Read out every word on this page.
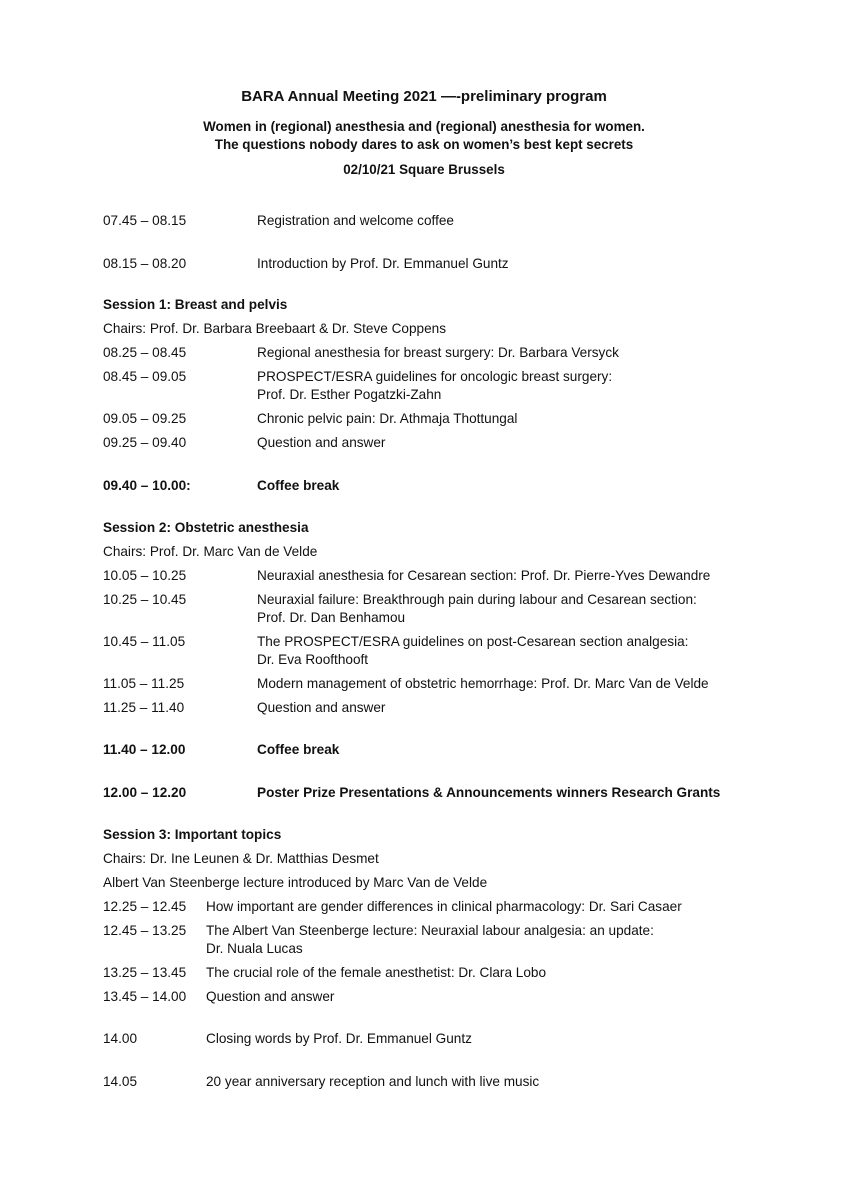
BARA Annual Meeting 2021 —-preliminary program
Women in (regional) anesthesia and (regional) anesthesia for women.
The questions nobody dares to ask on women’s best kept secrets
02/10/21 Square Brussels
07.45 – 08.15	Registration and welcome coffee
08.15 – 08.20	Introduction by Prof. Dr. Emmanuel Guntz
Session 1: Breast and pelvis
Chairs: Prof. Dr. Barbara Breebaart & Dr. Steve Coppens
08.25 – 08.45	Regional anesthesia for breast surgery: Dr. Barbara Versyck
08.45 – 09.05	PROSPECT/ESRA guidelines for oncologic breast surgery:
Prof. Dr. Esther Pogatzki-Zahn
09.05 – 09.25	Chronic pelvic pain: Dr. Athmaja Thottungal
09.25 – 09.40	Question and answer
09.40 – 10.00:	Coffee break
Session 2: Obstetric anesthesia
Chairs: Prof. Dr. Marc Van de Velde
10.05 – 10.25	Neuraxial anesthesia for Cesarean section: Prof. Dr. Pierre-Yves Dewandre
10.25 – 10.45	Neuraxial failure: Breakthrough pain during labour and Cesarean section:
Prof. Dr. Dan Benhamou
10.45 – 11.05	The PROSPECT/ESRA guidelines on post-Cesarean section analgesia:
Dr. Eva Roofthooft
11.05 – 11.25	Modern management of obstetric hemorrhage: Prof. Dr. Marc Van de Velde
11.25 – 11.40	Question and answer
11.40 – 12.00	Coffee break
12.00 – 12.20	Poster Prize Presentations & Announcements winners Research Grants
Session 3: Important topics
Chairs: Dr. Ine Leunen & Dr. Matthias Desmet
Albert Van Steenberge lecture introduced by Marc Van de Velde
12.25 – 12.45 How important are gender differences in clinical pharmacology: Dr. Sari Casaer
12.45 – 13.25 The Albert Van Steenberge lecture: Neuraxial labour analgesia: an update:
Dr. Nuala Lucas
13.25 – 13.45 The crucial role of the female anesthetist: Dr. Clara Lobo
13.45 – 14.00 Question and answer
14.00	Closing words by Prof. Dr. Emmanuel Guntz
14.05	20 year anniversary reception and lunch with live music
